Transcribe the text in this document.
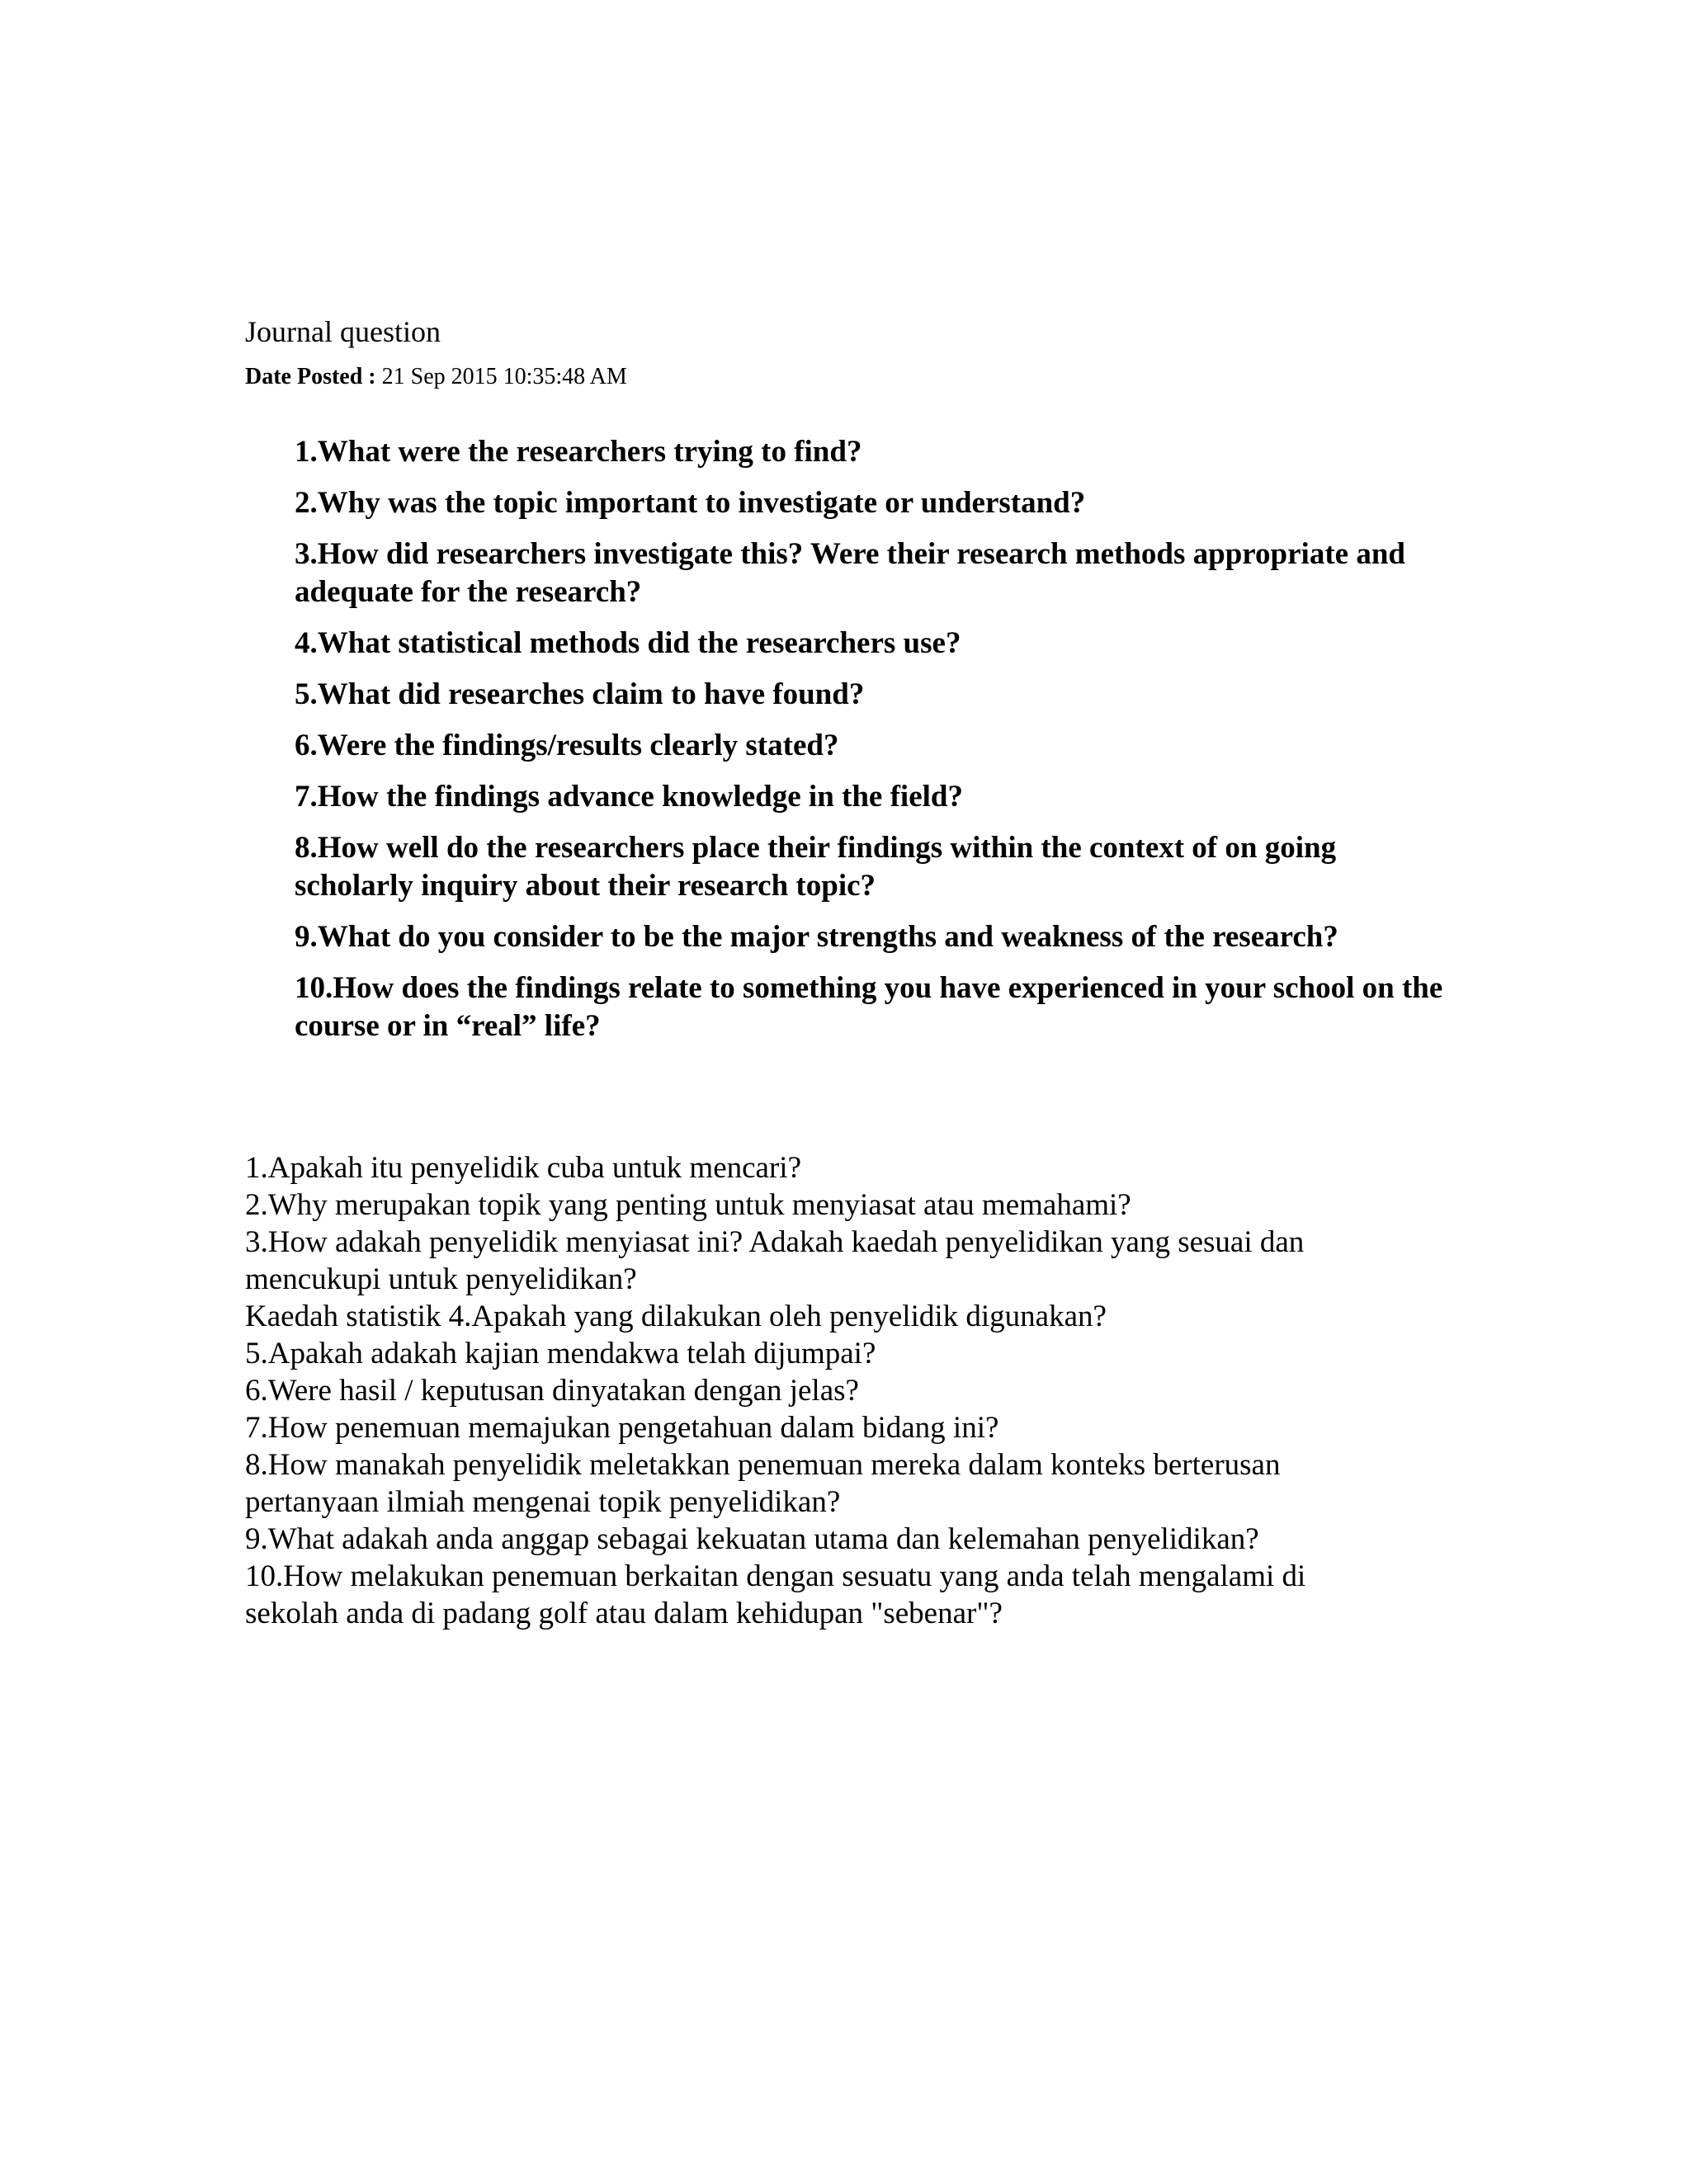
Journal question
Date Posted : 21 Sep 2015 10:35:48 AM
1.What were the researchers trying to find?
2.Why was the topic important to investigate or understand?
3.How did researchers investigate this? Were their research methods appropriate and adequate for the research?
4.What statistical methods did the researchers use?
5.What did researches claim to have found?
6.Were the findings/results clearly stated?
7.How the findings advance knowledge in the field?
8.How well do the researchers place their findings within the context of on going scholarly inquiry about their research topic?
9.What do you consider to be the major strengths and weakness of the research?
10.How does the findings relate to something you have experienced in your school on the course or in “real” life?

1.Apakah itu penyelidik cuba untuk mencari?

2.Why merupakan topik yang penting untuk menyiasat atau memahami?

3.How adakah penyelidik menyiasat ini? Adakah kaedah penyelidikan yang sesuai dan

mencukupi untuk penyelidikan?

Kaedah statistik 4.Apakah yang dilakukan oleh penyelidik digunakan?

5.Apakah adakah kajian mendakwa telah dijumpai?

6.Were hasil / keputusan dinyatakan dengan jelas?

7.How penemuan memajukan pengetahuan dalam bidang ini?

8.How manakah penyelidik meletakkan penemuan mereka dalam konteks berterusan

pertanyaan ilmiah mengenai topik penyelidikan?

9.What adakah anda anggap sebagai kekuatan utama dan kelemahan penyelidikan?

10.How melakukan penemuan berkaitan dengan sesuatu yang anda telah mengalami di

sekolah anda di padang golf atau dalam kehidupan "sebenar"?
